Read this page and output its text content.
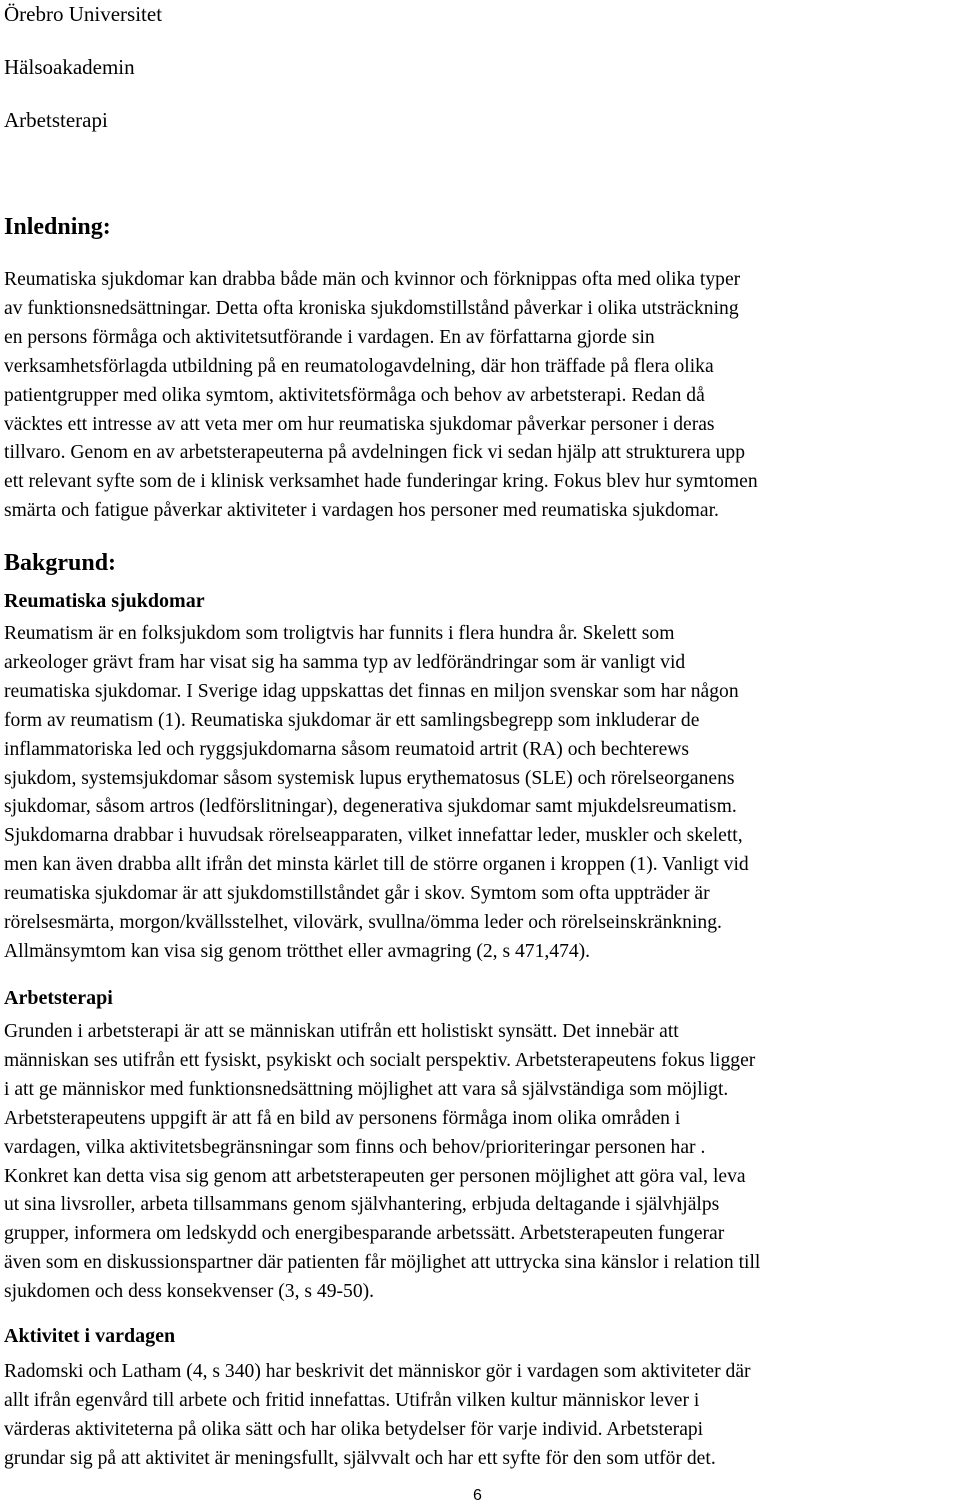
Örebro Universitet

Hälsoakademin

Arbetsterapi

Inledning:
Reumatiska sjukdomar kan drabba både män och kvinnor och förknippas ofta med olika typer
av funktionsnedsättningar. Detta ofta kroniska sjukdomstillstånd påverkar i olika utsträckning
en persons förmåga och aktivitetsutförande i vardagen. En av författarna gjorde sin
verksamhetsförlagda utbildning på en reumatologavdelning, där hon träffade på flera olika
patientgrupper med olika symtom, aktivitetsförmåga och behov av arbetsterapi. Redan då
väcktes ett intresse av att veta mer om hur reumatiska sjukdomar påverkar personer i deras
tillvaro. Genom en av arbetsterapeuterna på avdelningen fick vi sedan hjälp att strukturera upp
ett relevant syfte som de i klinisk verksamhet hade funderingar kring. Fokus blev hur symtomen
smärta och fatigue påverkar aktiviteter i vardagen hos personer med reumatiska sjukdomar.
Bakgrund:
Reumatiska sjukdomar
Reumatism är en folksjukdom som troligtvis har funnits i flera hundra år. Skelett som
arkeologer grävt fram har visat sig ha samma typ av ledförändringar som är vanligt vid
reumatiska sjukdomar. I Sverige idag uppskattas det finnas en miljon svenskar som har någon
form av reumatism (1). Reumatiska sjukdomar är ett samlingsbegrepp som inkluderar de
inflammatoriska led och ryggsjukdomarna såsom reumatoid artrit (RA) och bechterews
sjukdom, systemsjukdomar såsom systemisk lupus erythematosus (SLE) och rörelseorganens
sjukdomar, såsom artros (ledförslitningar), degenerativa sjukdomar samt mjukdelsreumatism.
Sjukdomarna drabbar i huvudsak rörelseapparaten, vilket innefattar leder, muskler och skelett,
men kan även drabba allt ifrån det minsta kärlet till de större organen i kroppen (1). Vanligt vid
reumatiska sjukdomar är att sjukdomstillståndet går i skov. Symtom som ofta uppträder är
rörelsesmärta, morgon/kvällsstelhet, vilovärk, svullna/ömma leder och rörelseinskränkning.
Allmänsymtom kan visa sig genom trötthet eller avmagring (2, s 471,474).
Arbetsterapi
Grunden i arbetsterapi är att se människan utifrån ett holistiskt synsätt. Det innebär att
människan ses utifrån ett fysiskt, psykiskt och socialt perspektiv. Arbetsterapeutens fokus ligger
i att ge människor med funktionsnedsättning möjlighet att vara så självständiga som möjligt.
Arbetsterapeutens uppgift är att få en bild av personens förmåga inom olika områden i
vardagen, vilka aktivitetsbegränsningar som finns och behov/prioriteringar personen har .
Konkret kan detta visa sig genom att arbetsterapeuten ger personen möjlighet att göra val, leva
ut sina livsroller, arbeta tillsammans genom självhantering, erbjuda deltagande i självhjälps
grupper, informera om ledskydd och energibesparande arbetssätt. Arbetsterapeuten fungerar
även som en diskussionspartner där patienten får möjlighet att uttrycka sina känslor i relation till
sjukdomen och dess konsekvenser (3, s 49-50).
Aktivitet i vardagen
Radomski och Latham (4, s 340) har beskrivit det människor gör i vardagen som aktiviteter där
allt ifrån egenvård till arbete och fritid innefattas. Utifrån vilken kultur människor lever i
värderas aktiviteterna på olika sätt och har olika betydelser för varje individ. Arbetsterapi
grundar sig på att aktivitet är meningsfullt, självvalt och har ett syfte för den som utför det.
6
